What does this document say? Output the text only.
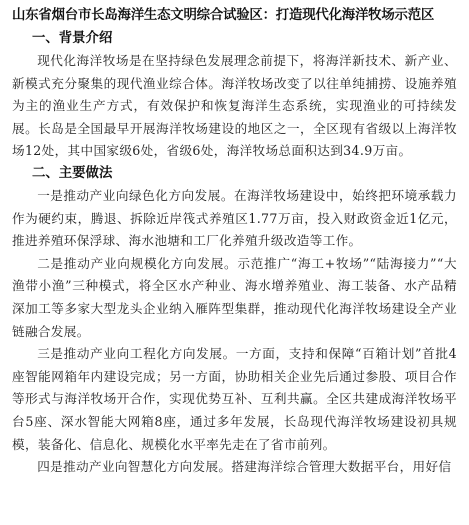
山东省烟台市长岛海洋生态文明综合试验区：打造现代化海洋牧场示范区
一、背景介绍

现代化海洋牧场是在坚持绿色发展理念前提下，将海洋新技术、新产业、新模式充分聚集的现代渔业综合体。海洋牧场改变了以往单纯捕捞、设施养殖为主的渔业生产方式，有效保护和恢复海洋生态系统，实现渔业的可持续发展。长岛是全国最早开展海洋牧场建设的地区之一，全区现有省级以上海洋牧场12处，其中国家级6处，省级6处，海洋牧场总面积达到34.9万亩。

二、主要做法

一是推动产业向绿色化方向发展。在海洋牧场建设中，始终把环境承载力作为硬约束，腾退、拆除近岸筏式养殖区1.77万亩，投入财政资金近1亿元，推进养殖环保浮球、海水池塘和工厂化养殖升级改造等工作。

二是推动产业向规模化方向发展。示范推广“海工+牧场”“陆海接力”“大渔带小渔”三种模式，将全区水产种业、海水增养殖业、海工装备、水产品精深加工等多家大型龙头企业纳入雁阵型集群，推动现代化海洋牧场建设全产业链融合发展。

三是推动产业向工程化方向发展。一方面，支持和保障“百箱计划”首批4座智能网箱年内建设完成；另一方面，协助相关企业先后通过参股、项目合作等形式与海洋牧场开合作，实现优势互补、互利共赢。全区共建成海洋牧场平台5座、深水智能大网箱8座，通过多年发展，长岛现代海洋牧场建设初具规模，装备化、信息化、规模化水平率先走在了省市前列。

四是推动产业向智慧化方向发展。搭建海洋综合管理大数据平台，用好信
